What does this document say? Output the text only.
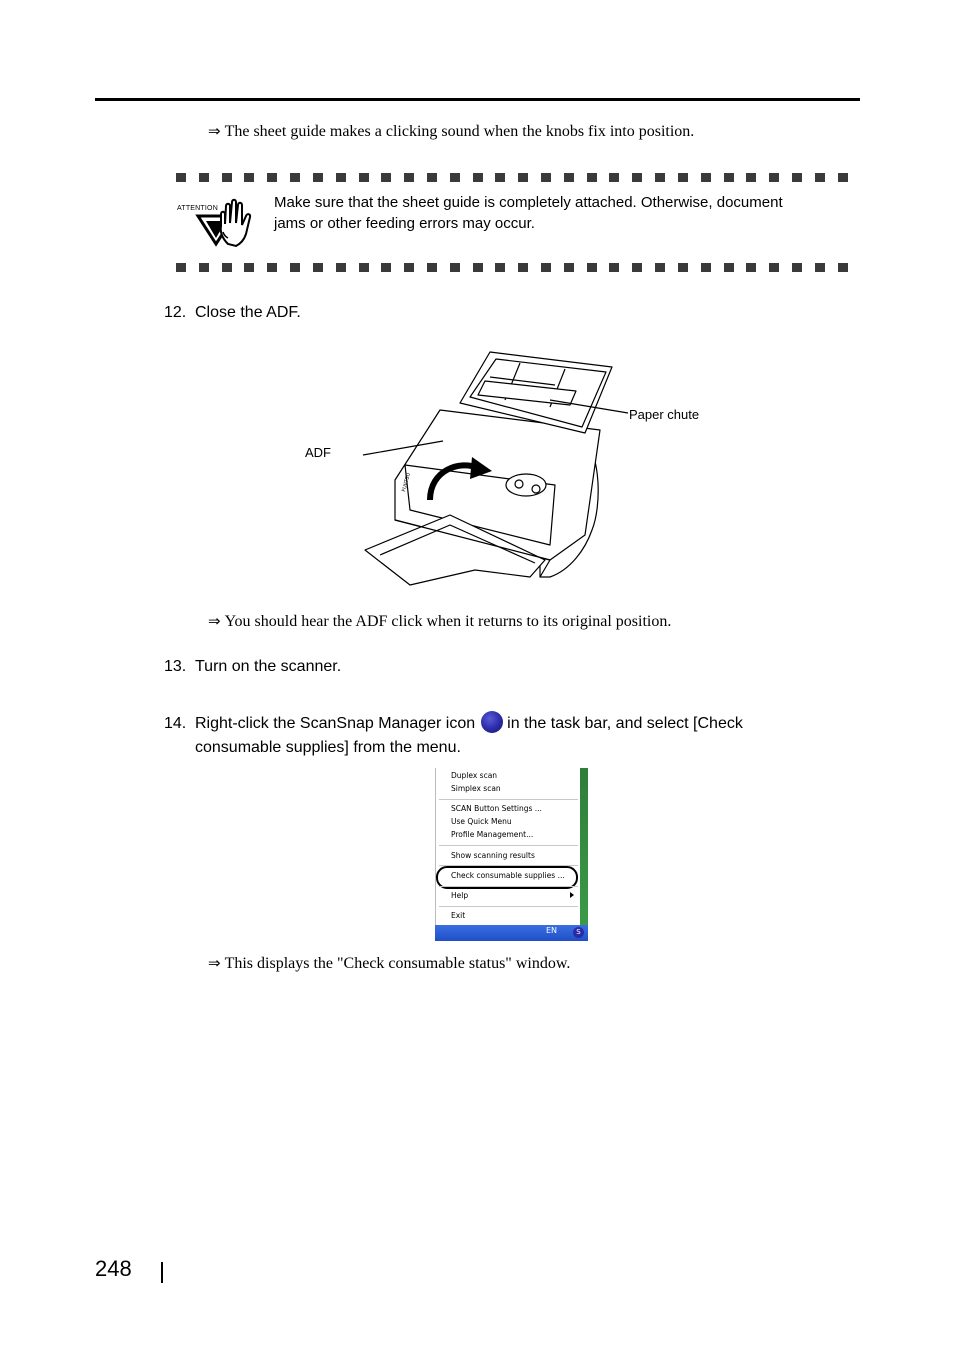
⇒ The sheet guide makes a clicking sound when the knobs fix into position.
ATTENTION	Make sure that the sheet guide is completely attached. Otherwise, document
jams or other feeding errors may occur.
12. Close the ADF.
FUJITSU
ADF
Paper chute
⇒ You should hear the ADF click when it returns to its original position.
13. Turn on the scanner.
14. Right-click the ScanSnap Manager icon in the task bar, and select [Check
consumable supplies] from the menu.
Duplex scan
Simplex scan
SCAN Button Settings ...
Use Quick Menu
Profile Management...
Show scanning results
Check consumable supplies ...
Help
Exit
EN	S
⇒ This displays the "Check consumable status" window.
248
